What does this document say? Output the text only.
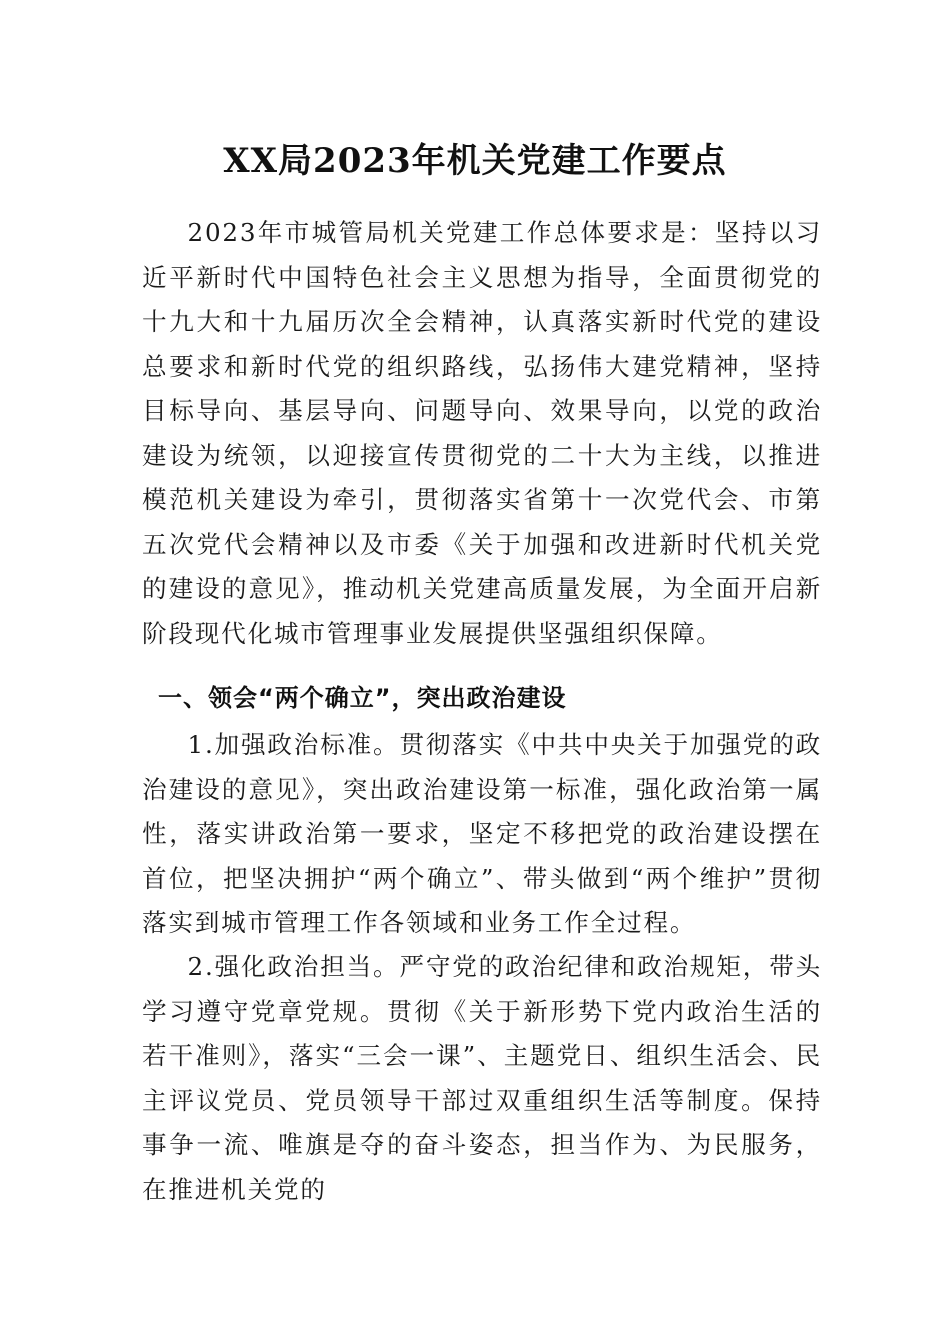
XX局2023年机关党建工作要点

2023年市城管局机关党建工作总体要求是：坚持以习近平新时代中国特色社会主义思想为指导，全面贯彻党的十九大和十九届历次全会精神，认真落实新时代党的建设总要求和新时代党的组织路线，弘扬伟大建党精神，坚持目标导向、基层导向、问题导向、效果导向，以党的政治建设为统领，以迎接宣传贯彻党的二十大为主线，以推进模范机关建设为牵引，贯彻落实省第十一次党代会、市第五次党代会精神以及市委《关于加强和改进新时代机关党的建设的意见》，推动机关党建高质量发展，为全面开启新阶段现代化城市管理事业发展提供坚强组织保障。

一、领会“两个确立”，突出政治建设

1.加强政治标准。贯彻落实《中共中央关于加强党的政治建设的意见》，突出政治建设第一标准，强化政治第一属性，落实讲政治第一要求，坚定不移把党的政治建设摆在首位，把坚决拥护“两个确立”、带头做到“两个维护”贯彻落实到城市管理工作各领域和业务工作全过程。

2.强化政治担当。严守党的政治纪律和政治规矩，带头学习遵守党章党规。贯彻《关于新形势下党内政治生活的若干准则》，落实“三会一课”、主题党日、组织生活会、民主评议党员、党员领导干部过双重组织生活等制度。保持事争一流、唯旗是夺的奋斗姿态，担当作为、为民服务，在推进机关党的
